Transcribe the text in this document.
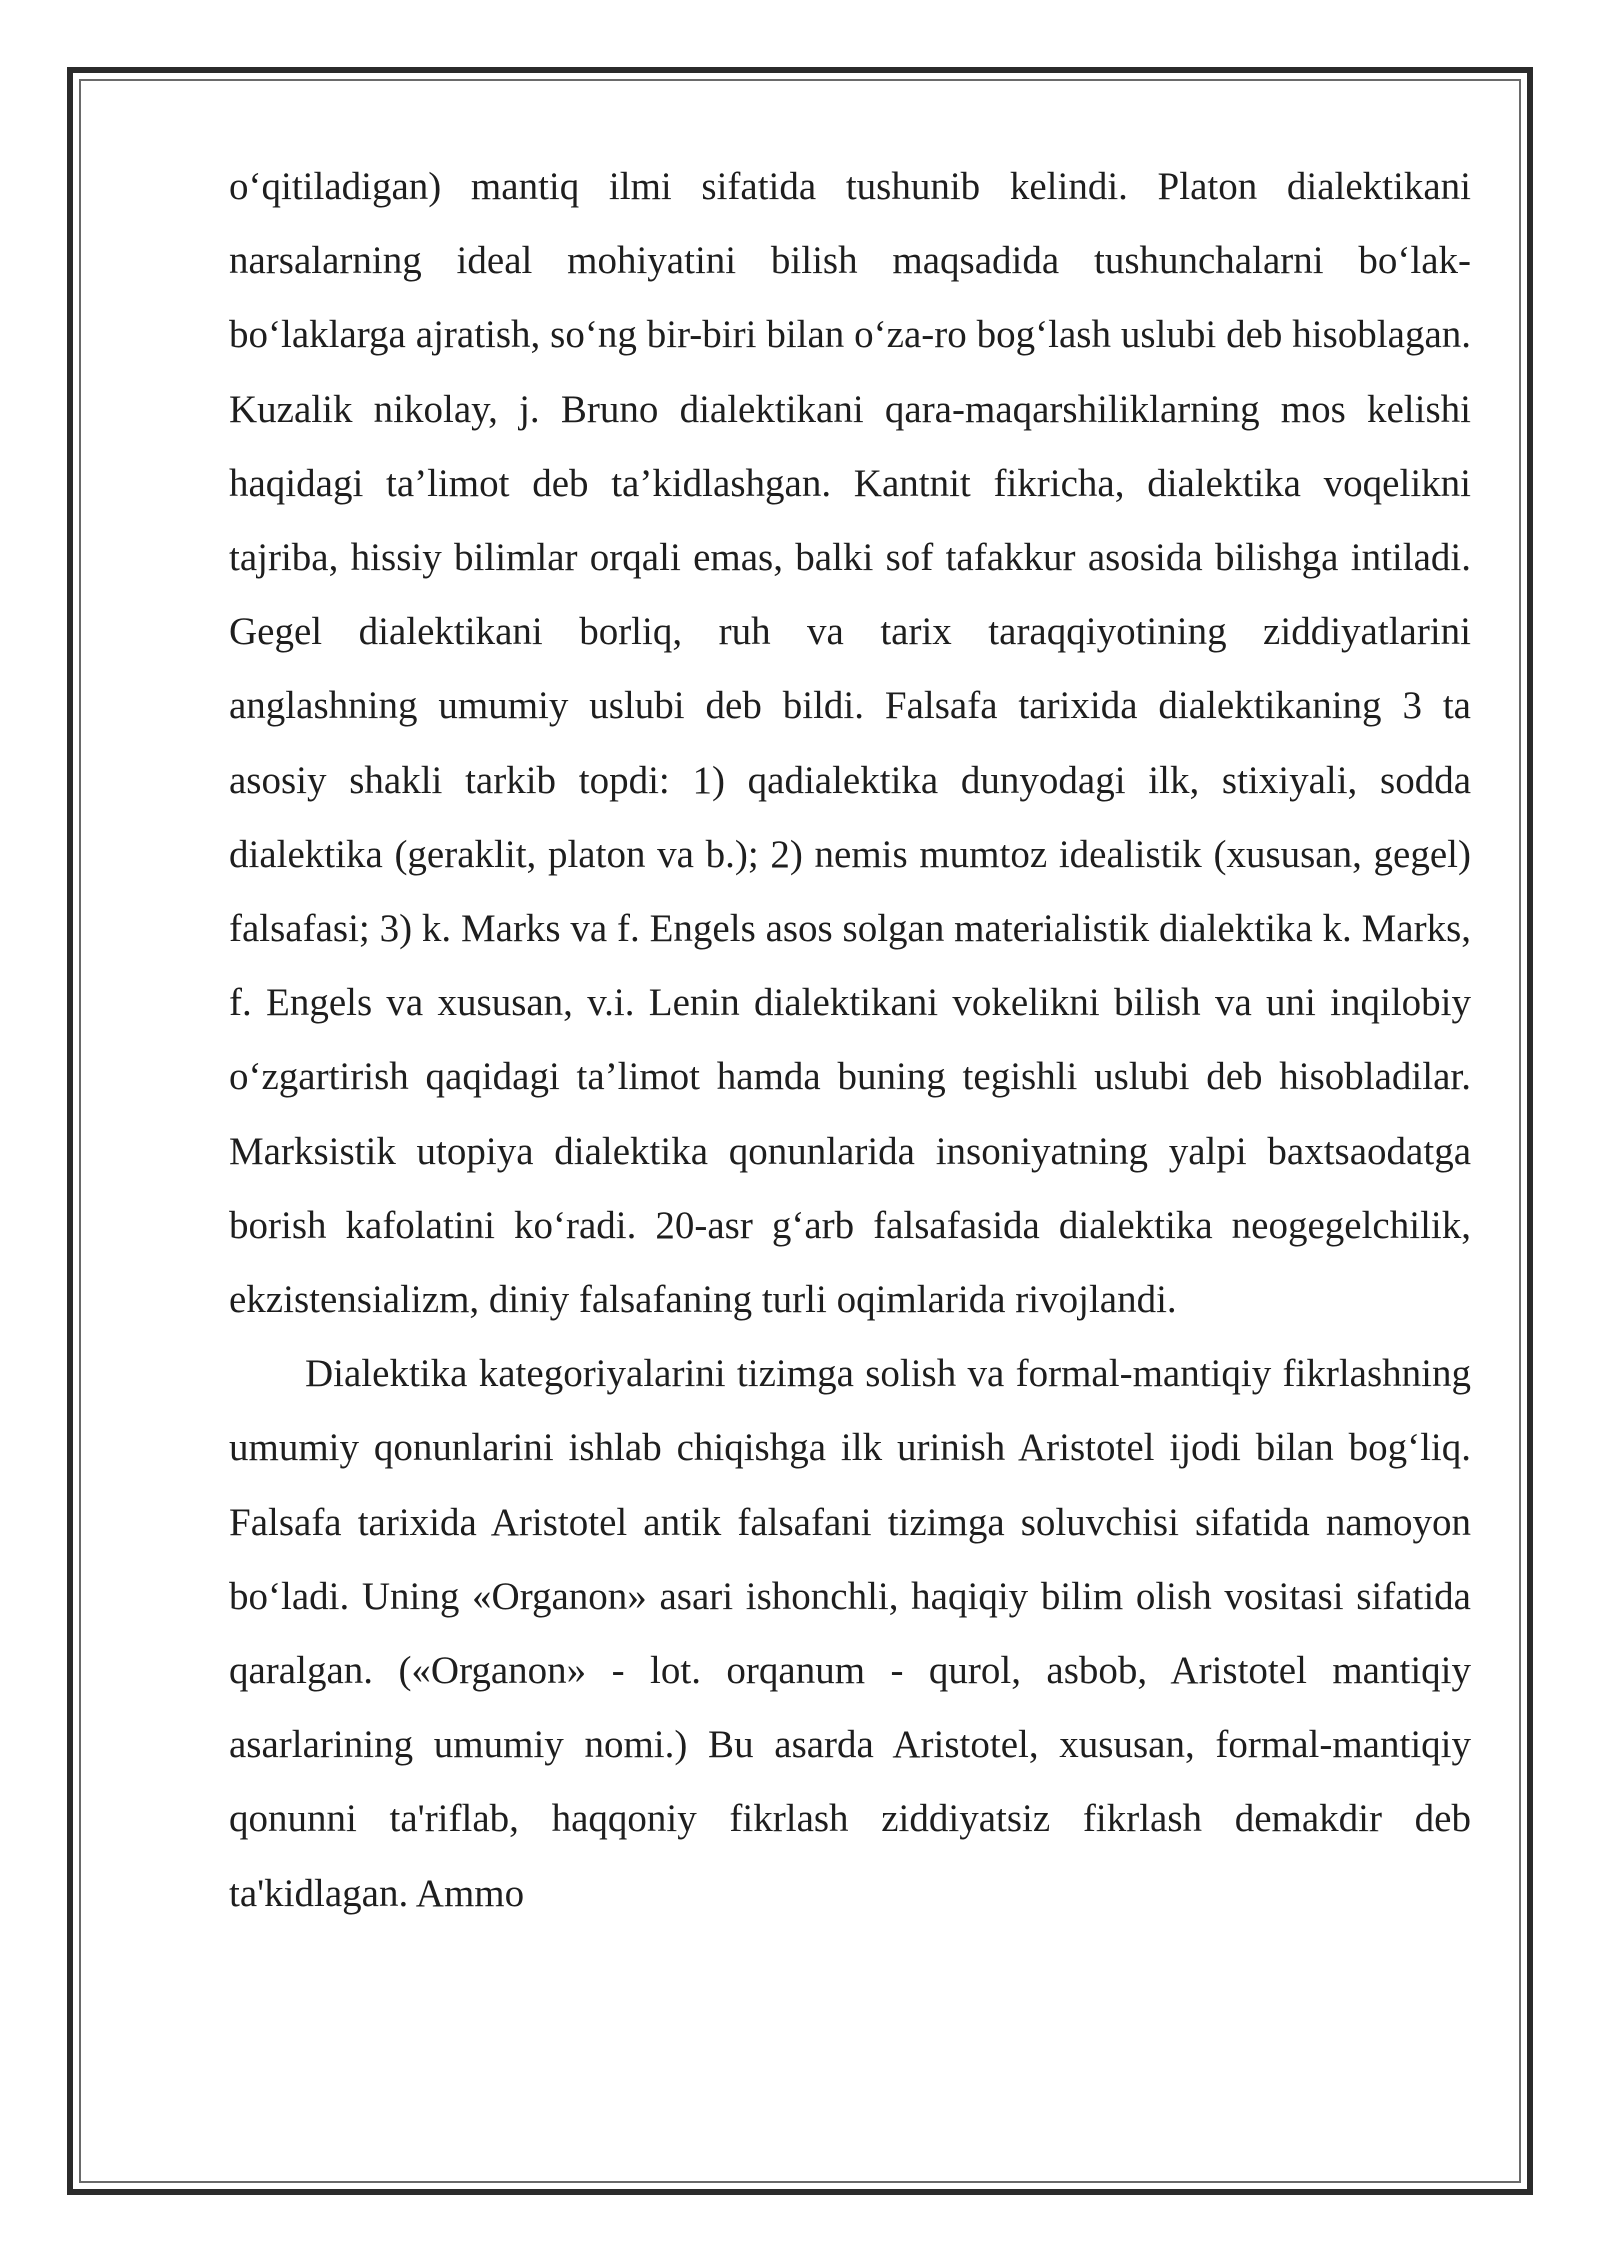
o‘qitiladigan) mantiq ilmi sifatida tushunib kelindi. Platon dialektikani narsalarning ideal mohiyatini bilish maqsadida tushunchalarni bo‘lak-bo‘laklarga ajratish, so‘ng bir-biri bilan o‘za-ro bog‘lash uslubi deb hisoblagan. Kuzalik nikolay, j. Bruno dialektikani qara-maqarshiliklarning mos kelishi haqidagi ta’limot deb ta’kidlashgan. Kantnit fikricha, dialektika voqelikni tajriba, hissiy bilimlar orqali emas, balki sof tafakkur asosida bilishga intiladi. Gegel dialektikani borliq, ruh va tarix taraqqiyotining ziddiyatlarini anglashning umumiy uslubi deb bildi. Falsafa tarixida dialektikaning 3 ta asosiy shakli tarkib topdi: 1) qadialektika dunyodagi ilk, stixiyali, sodda dialektika (geraklit, platon va b.); 2) nemis mumtoz idealistik (xususan, gegel) falsafasi; 3) k. Marks va f. Engels asos solgan materialistik dialektika k. Marks, f. Engels va xususan, v.i. Lenin dialektikani vokelikni bilish va uni inqilobiy o‘zgartirish qaqidagi ta’limot hamda buning tegishli uslubi deb hisobladilar. Marksistik utopiya dialektika qonunlarida insoniyatning yalpi baxtsaodatga borish kafolatini ko‘radi. 20-asr g‘arb falsafasida dialektika neogegelchilik, ekzistensializm, diniy falsafaning turli oqimlarida rivojlandi.

Dialektika kategoriyalarini tizimga solish va formal-mantiqiy fikrlashning umumiy qonunlarini ishlab chiqishga ilk urinish Aristotel ijodi bilan bog‘liq. Falsafa tarixida Aristotel antik falsafani tizimga soluvchisi sifatida namoyon bo‘ladi. Uning «Organon» asari ishonchli, haqiqiy bilim olish vositasi sifatida qaralgan. («Organon» - lot. orqanum - qurol, asbob, Aristotel mantiqiy asarlarining umumiy nomi.) Bu asarda Aristotel, xususan, formal-mantiqiy qonunni ta'riflab, haqqoniy fikrlash ziddiyatsiz fikrlash demakdir deb ta'kidlagan. Ammo
